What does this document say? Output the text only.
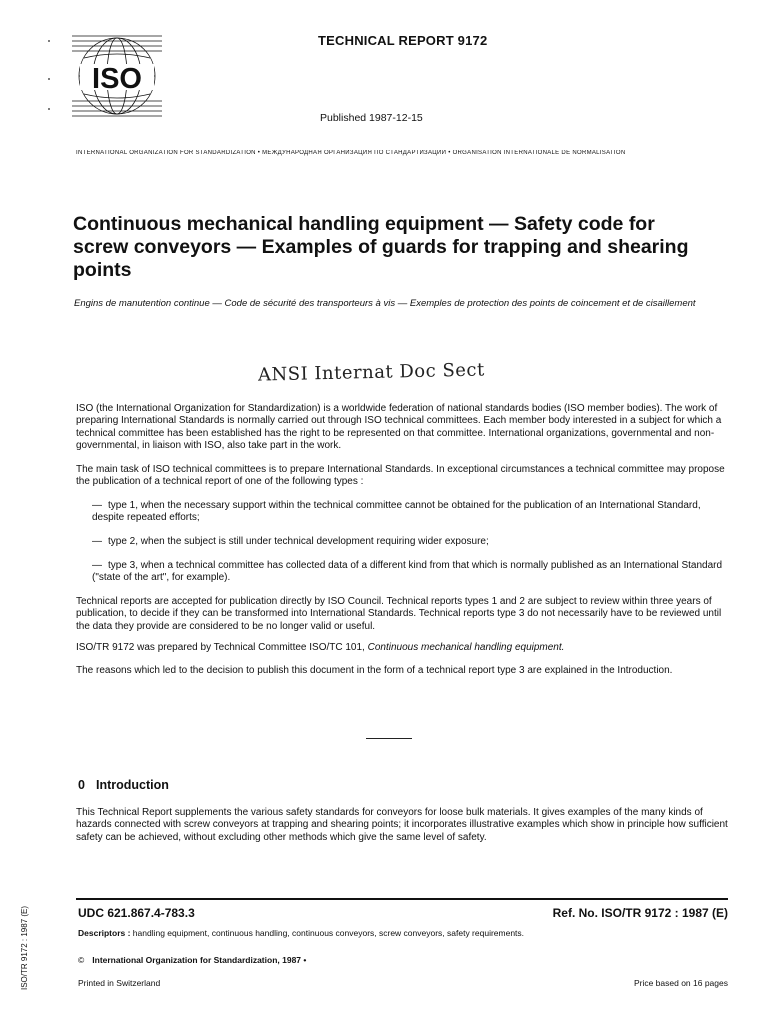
ISO
TECHNICAL REPORT 9172
Published 1987-12-15
INTERNATIONAL ORGANIZATION FOR STANDARDIZATION • МЕЖДУНАРОДНАЯ ОРГАНИЗАЦИЯ ПО СТАНДАРТИЗАЦИИ • ORGANISATION INTERNATIONALE DE NORMALISATION
Continuous mechanical handling equipment — Safety code for screw conveyors — Examples of guards for trapping and shearing points
Engins de manutention continue — Code de sécurité des transporteurs à vis — Exemples de protection des points de coincement et de cisaillement
ANSI Internat Doc Sect

ISO (the International Organization for Standardization) is a worldwide federation of national standards bodies (ISO member bodies). The work of preparing International Standards is normally carried out through ISO technical committees. Each member body interested in a subject for which a technical committee has been established has the right to be represented on that committee. International organizations, governmental and non-governmental, in liaison with ISO, also take part in the work.

The main task of ISO technical committees is to prepare International Standards. In exceptional circumstances a technical committee may propose the publication of a technical report of one of the following types :

— type 1, when the necessary support within the technical committee cannot be obtained for the publication of an International Standard, despite repeated efforts;

— type 2, when the subject is still under technical development requiring wider exposure;

— type 3, when a technical committee has collected data of a different kind from that which is normally published as an International Standard ("state of the art", for example).

Technical reports are accepted for publication directly by ISO Council. Technical reports types 1 and 2 are subject to review within three years of publication, to decide if they can be transformed into International Standards. Technical reports type 3 do not necessarily have to be reviewed until the data they provide are considered to be no longer valid or useful.

ISO/TR 9172 was prepared by Technical Committee ISO/TC 101, Continuous mechanical handling equipment.

The reasons which led to the decision to publish this document in the form of a technical report type 3 are explained in the Introduction.

0 Introduction

This Technical Report supplements the various safety standards for conveyors for loose bulk materials. It gives examples of the many kinds of hazards connected with screw conveyors at trapping and shearing points; it incorporates illustrative examples which show in principle how sufficient safety can be achieved, without excluding other methods which give the same level of safety.

UDC 621.867.4-783.3	Ref. No. ISO/TR 9172 : 1987 (E)
Descriptors : handling equipment, continuous handling, continuous conveyors, screw conveyors, safety requirements.
© International Organization for Standardization, 1987 •
Printed in Switzerland	Price based on 16 pages
ISO/TR 9172 : 1987 (E)
